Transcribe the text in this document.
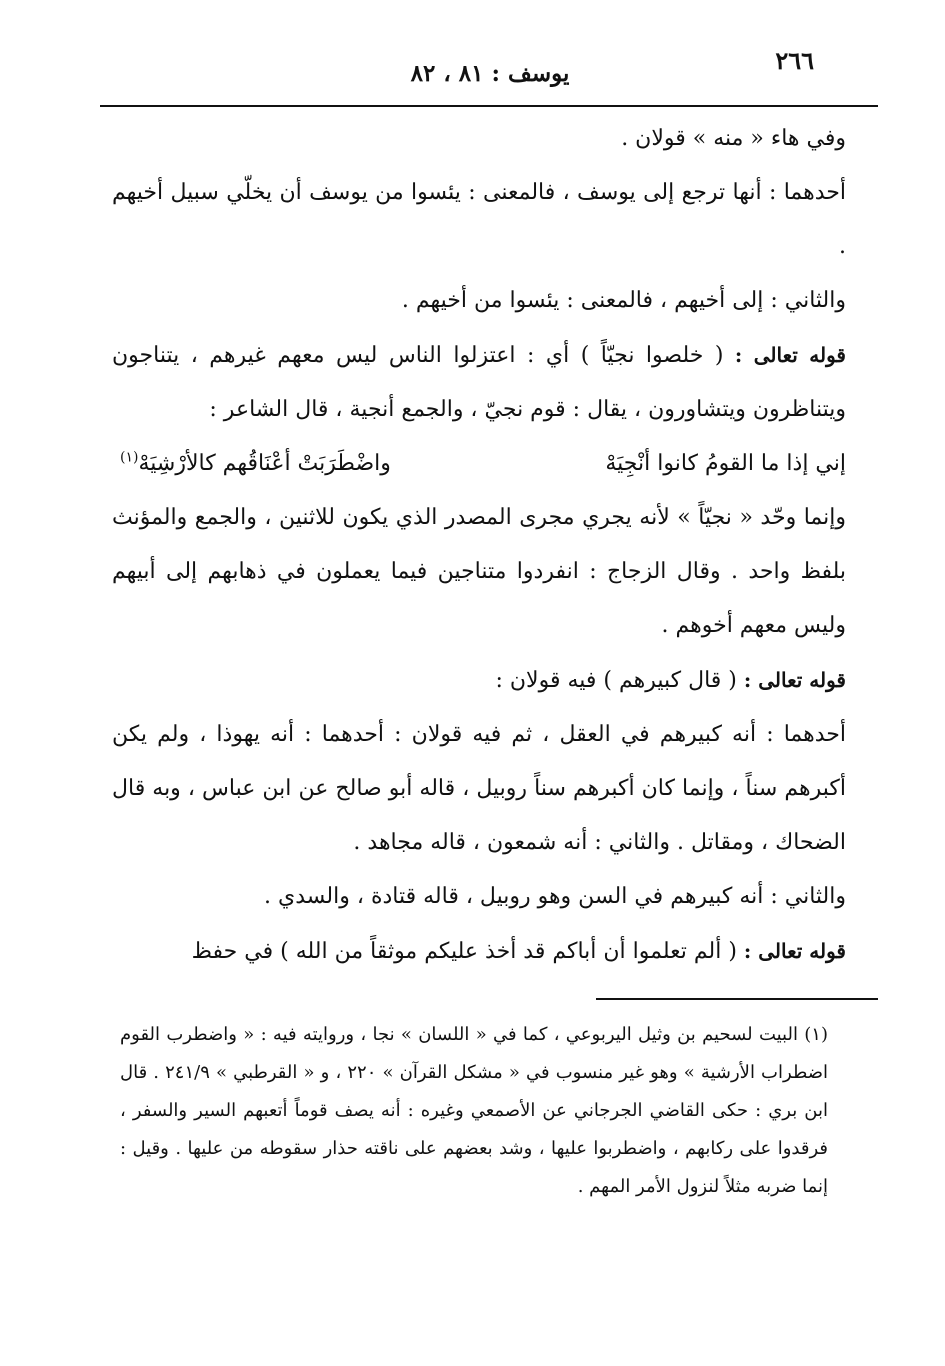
٢٦٦
يوسف : ٨١ ، ٨٢

وفي هاء « منه » قولان .

أحدهما : أنها ترجع إلى يوسف ، فالمعنى : يئسوا من يوسف أن يخلّي سبيل أخيهم .

والثاني : إلى أخيهم ، فالمعنى : يئسوا من أخيهم .

قوله تعالى : ( خلصوا نجيّاً ) أي : اعتزلوا الناس ليس معهم غيرهم ، يتناجون ويتناظرون ويتشاورون ، يقال : قوم نجيّ ، والجمع أنجية ، قال الشاعر :

إني إذا ما القومُ كانوا أنْجِيَهْ
واضْطَرَبَتْ أعْنَاقُهم كالأرْشِيَهْ$^{(١)}$

وإنما وحّد « نجيّاً » لأنه يجري مجرى المصدر الذي يكون للاثنين ، والجمع والمؤنث بلفظ واحد . وقال الزجاج : انفردوا متناجين فيما يعملون في ذهابهم إلى أبيهم وليس معهم أخوهم .

قوله تعالى : ( قال كبيرهم ) فيه قولان :

أحدهما : أنه كبيرهم في العقل ، ثم فيه قولان : أحدهما : أنه يهوذا ، ولم يكن أكبرهم سناً ، وإنما كان أكبرهم سناً روبيل ، قاله أبو صالح عن ابن عباس ، وبه قال الضحاك ، ومقاتل . والثاني : أنه شمعون ، قاله مجاهد .

والثاني : أنه كبيرهم في السن وهو روبيل ، قاله قتادة ، والسدي .

قوله تعالى : ( ألم تعلموا أن أباكم قد أخذ عليكم موثقاً من الله ) في حفظ

(١) البيت لسحيم بن وثيل اليربوعي ، كما في « اللسان » نجا ، وروايته فيه : « واضطرب القوم اضطراب الأرشية » وهو غير منسوب في « مشكل القرآن » ٢٢٠ ، و « القرطبي » ٢٤١/٩ . قال ابن بري : حكى القاضي الجرجاني عن الأصمعي وغيره : أنه يصف قوماً أتعبهم السير والسفر ، فرقدوا على ركابهم ، واضطربوا عليها ، وشد بعضهم على ناقته حذار سقوطه من عليها . وقيل : إنما ضربه مثلاً لنزول الأمر المهم .
